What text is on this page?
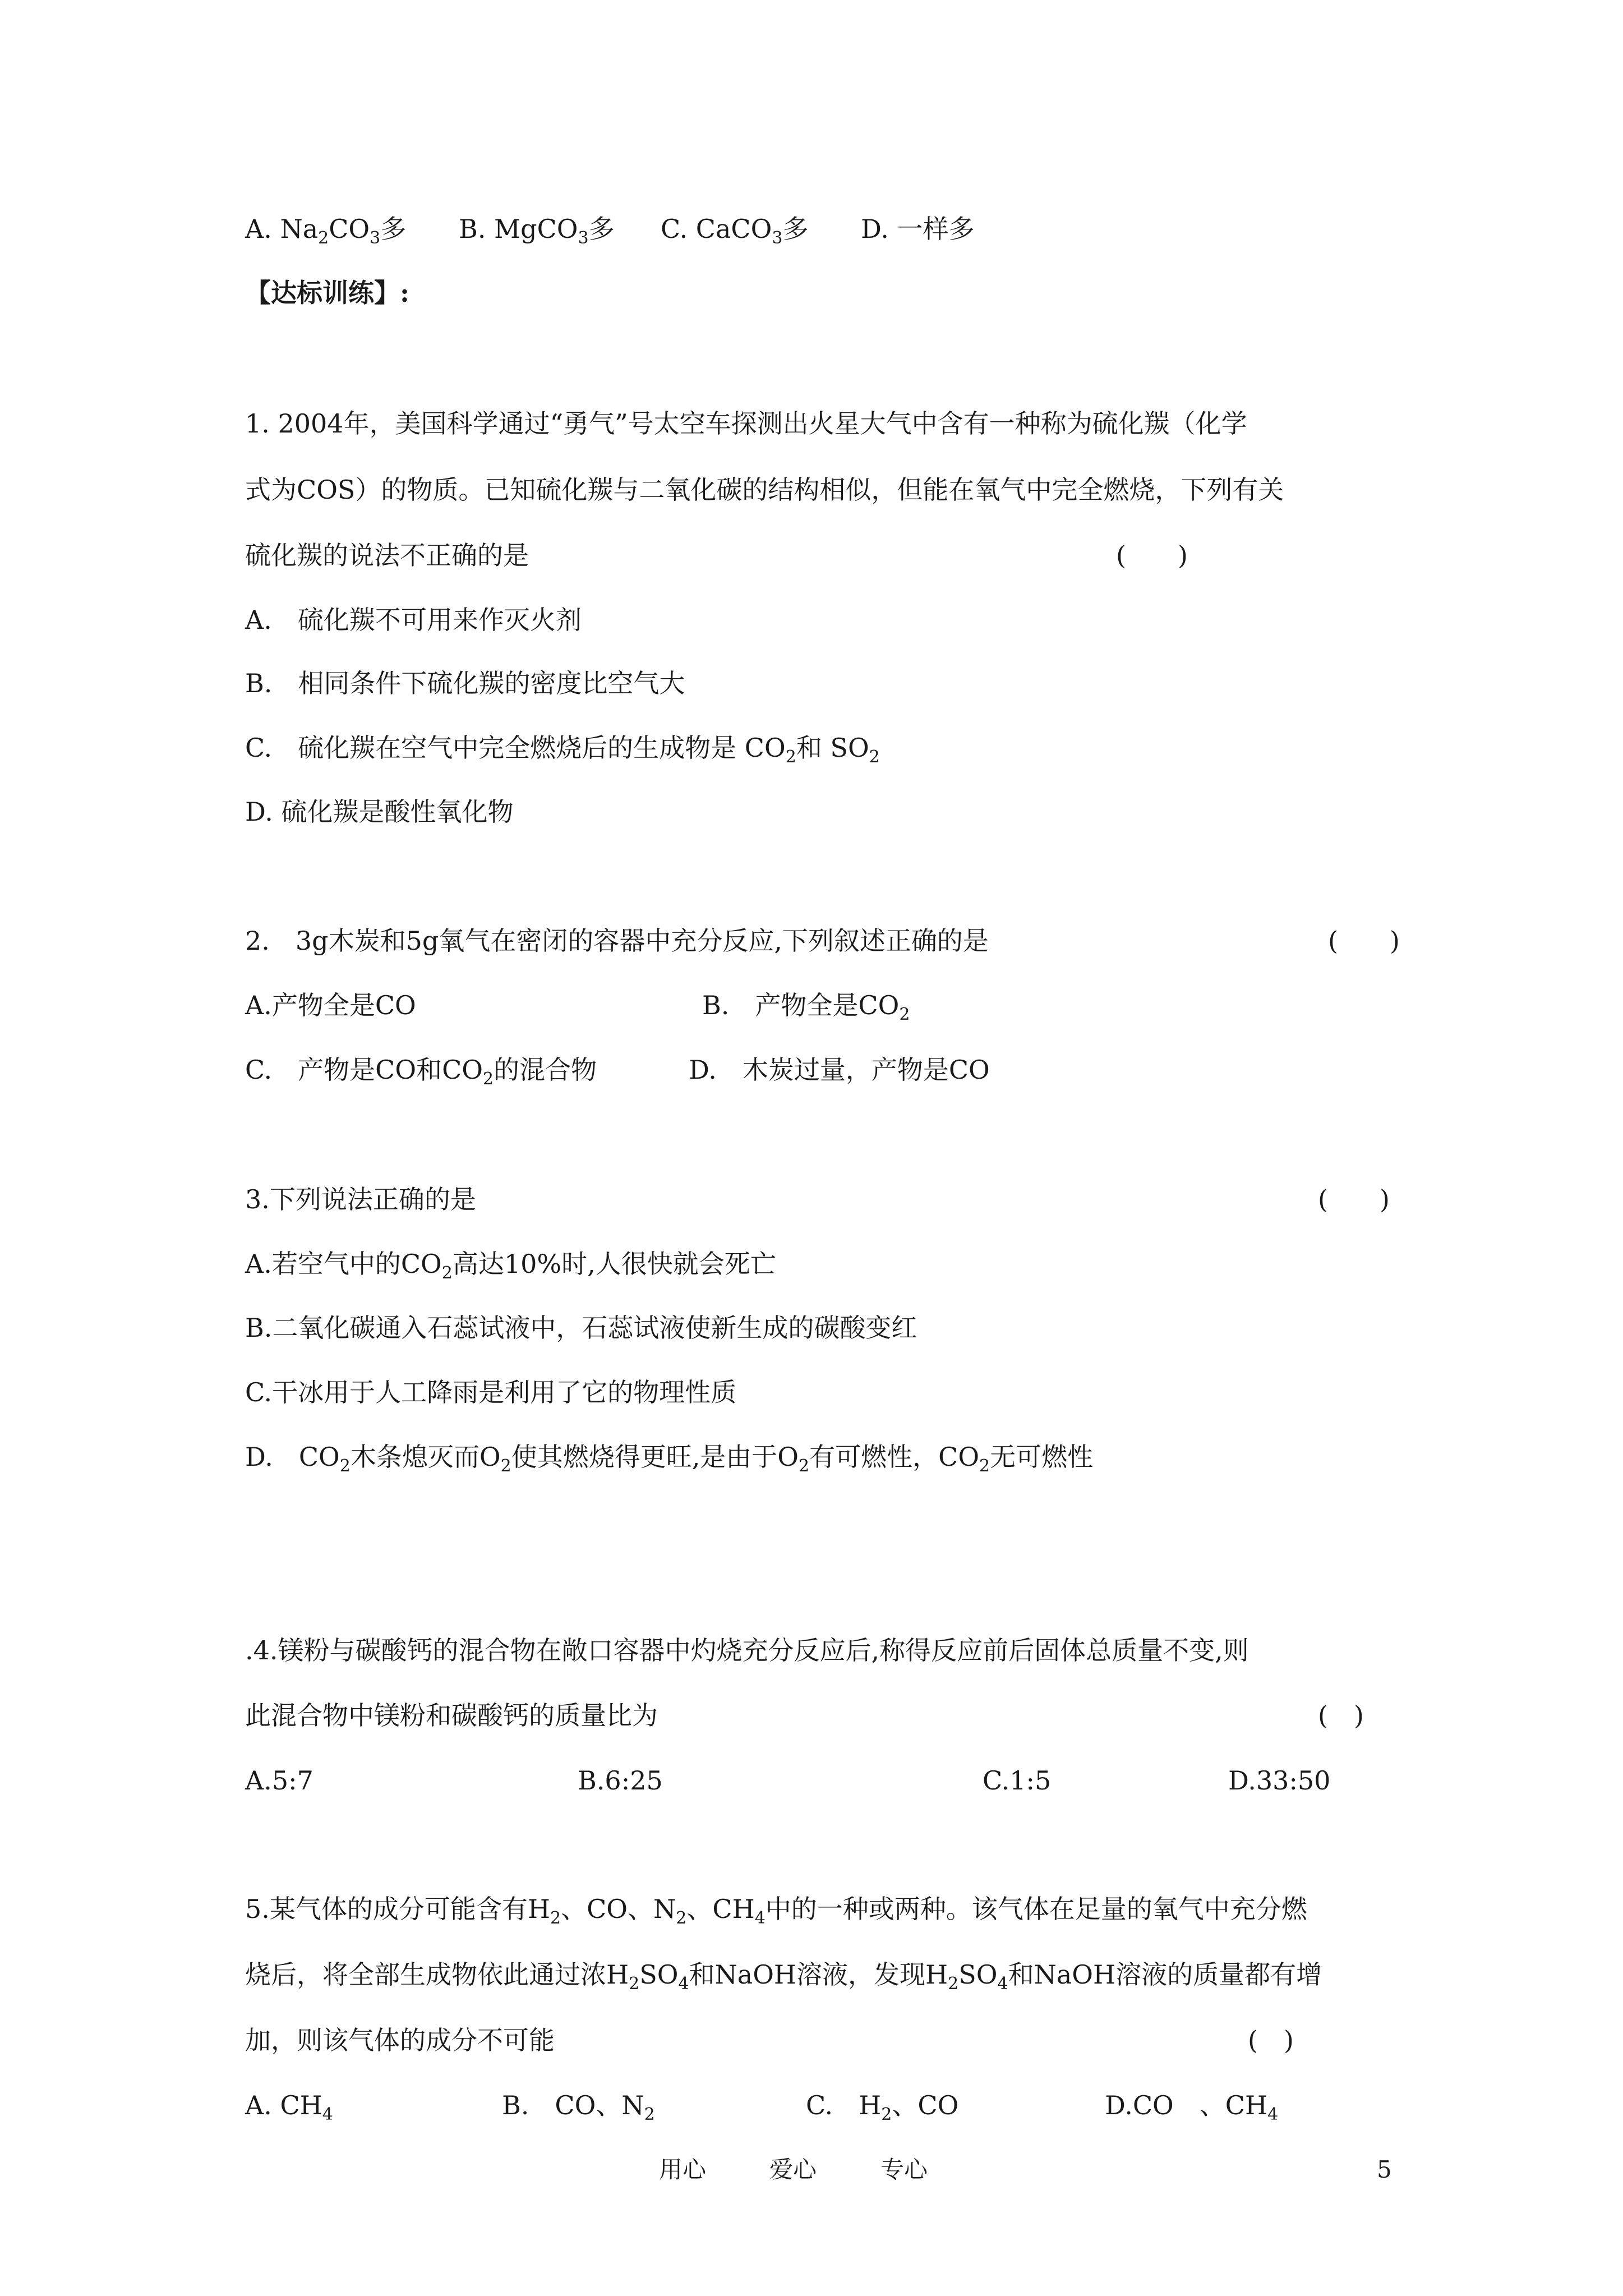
A. $Na_2CO_3$多 B. MgCO$_3$多 C. CaCO$_3$多 D. 一样多
【达标训练】:
1. 2004年，美国科学通过“勇气”号太空车探测出火星大气中含有一种称为硫化羰（化学
式为COS）的物质。已知硫化羰与二氧化碳的结构相似，但能在氧气中完全燃烧，下列有关
硫化羰的说法不正确的是	(　　)
A.　硫化羰不可用来作灭火剂
B.　相同条件下硫化羰的密度比空气大
C.　硫化羰在空气中完全燃烧后的生成物是 $CO_2$和 $SO_2$
D. 硫化羰是酸性氧化物
2.　3g木炭和5g氧气在密闭的容器中充分反应,下列叙述正确的是	(　　)
A.产物全是CO	B.　产物全是$CO_2$
C.　产物是CO和$CO_2$的混合物	D.　木炭过量，产物是CO
3.下列说法正确的是	(　　)
A.若空气中的$CO_2$高达10%时,人很快就会死亡
B.二氧化碳通入石蕊试液中，石蕊试液使新生成的碳酸变红
C.干冰用于人工降雨是利用了它的物理性质
D.　$CO_2$木条熄灭而$O_2$使其燃烧得更旺,是由于$O_2$有可燃性，$CO_2$无可燃性
.4.镁粉与碳酸钙的混合物在敞口容器中灼烧充分反应后,称得反应前后固体总质量不变,则
此混合物中镁粉和碳酸钙的质量比为	(　)
A.5:7	B.6:25	C.1:5	D.33:50
5.某气体的成分可能含有$H_2$、CO、$N_2$、$CH_4$中的一种或两种。该气体在足量的氧气中充分燃
烧后，将全部生成物依此通过浓$H_2SO_4$和NaOH溶液，发现$H_2SO_4$和NaOH溶液的质量都有增
加，则该气体的成分不可能	(　)
A. $CH_4$	B.　CO、$N_2$	C.　$H_2$、CO	D.CO　、$CH_4$
用心	爱心	专心	5
